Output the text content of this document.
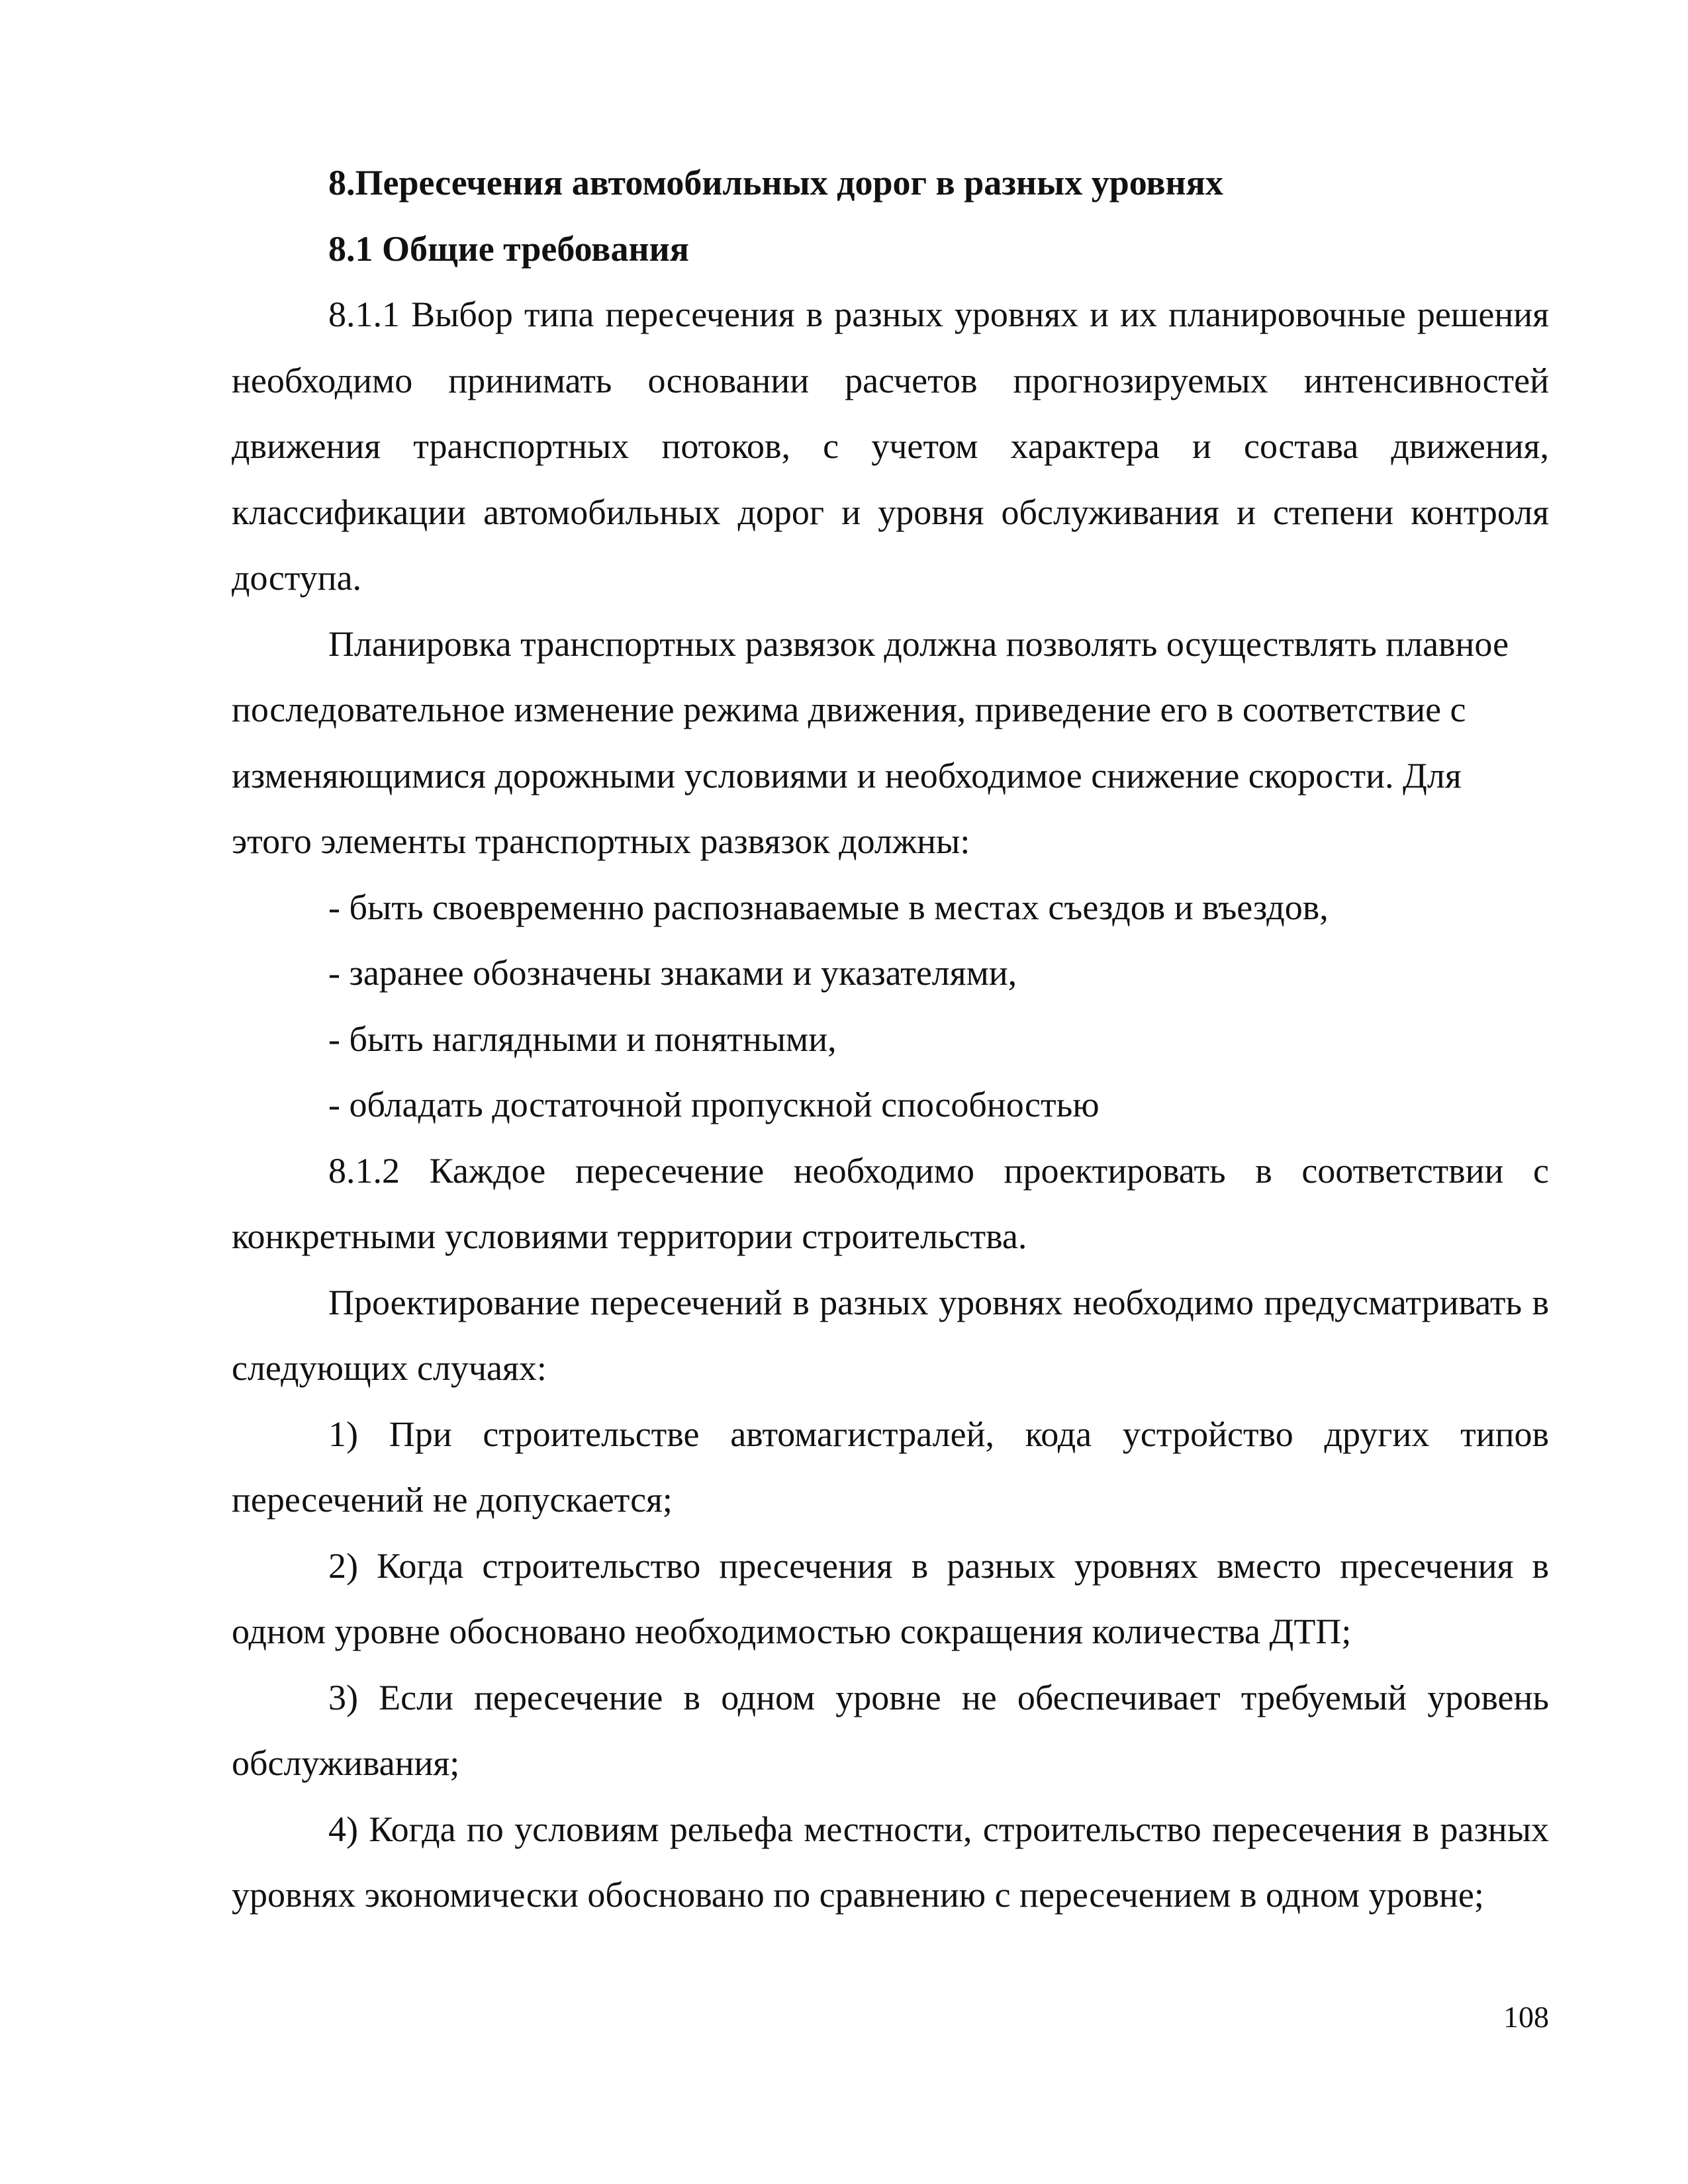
8.Пересечения автомобильных дорог в разных уровнях

8.1 Общие требования

8.1.1 Выбор типа пересечения в разных уровнях и их планировочные решения необходимо принимать основании расчетов прогнозируемых интенсивностей движения транспортных потоков, с учетом характера и состава движения, классификации автомобильных дорог и уровня обслуживания и степени контроля доступа.

Планировка транспортных развязок должна позволять осуществлять плавное последовательное изменение режима движения, приведение его в соответствие с изменяющимися дорожными условиями и необходимое снижение скорости. Для этого элементы транспортных развязок должны:

- быть своевременно распознаваемые в местах съездов и въездов,

- заранее обозначены знаками и указателями,

- быть наглядными и понятными,

- обладать достаточной пропускной способностью

8.1.2 Каждое пересечение необходимо проектировать в соответствии с конкретными условиями территории строительства.

Проектирование пересечений в разных уровнях необходимо предусматривать в следующих случаях:

1) При строительстве автомагистралей, кода устройство других типов пересечений не допускается;

2) Когда строительство пресечения в разных уровнях вместо пресечения в одном уровне обосновано необходимостью сокращения количества ДТП;

3) Если пересечение в одном уровне не обеспечивает требуемый уровень обслуживания;

4) Когда по условиям рельефа местности, строительство пересечения в разных уровнях экономически обосновано по сравнению с пересечением в одном уровне;

108
